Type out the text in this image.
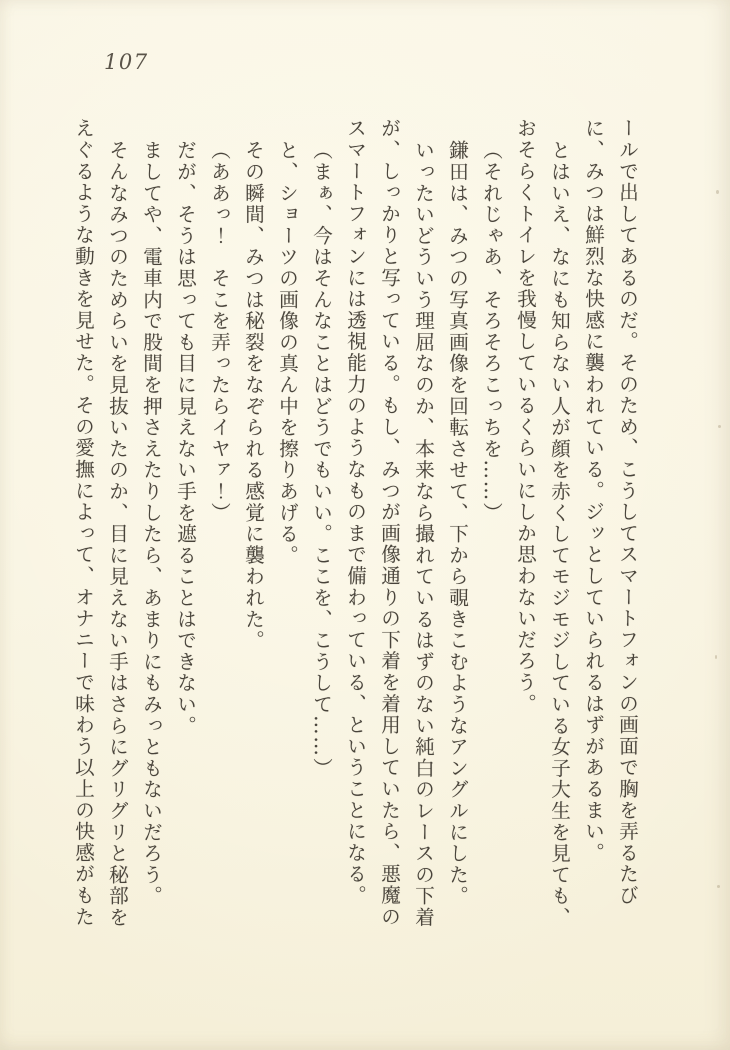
107

ールで出してあるのだ。そのため、こうしてスマートフォンの画面で胸を弄るたびに、みつは鮮烈な快感に襲われている。ジッとしていられるはずがあるまい。

とはいえ、なにも知らない人が顔を赤くしてモジモジしている女子大生を見ても、おそらくトイレを我慢しているくらいにしか思わないだろう。

（それじゃあ、そろそろこっちを……）

鎌田は、みつの写真画像を回転させて、下から覗きこむようなアングルにした。

いったいどういう理屈なのか、本来なら撮れているはずのない純白のレースの下着が、しっかりと写っている。もし、みつが画像通りの下着を着用していたら、悪魔のスマートフォンには透視能力のようなものまで備わっている、ということになる。

（まぁ、今はそんなことはどうでもいい。ここを、こうして……）

と、ショーツの画像の真ん中を擦りあげる。

その瞬間、みつは秘裂をなぞられる感覚に襲われた。

（ああっ！　そこを弄ったらイヤァ！）

だが、そうは思っても目に見えない手を遮ることはできない。

ましてや、電車内で股間を押さえたりしたら、あまりにもみっともないだろう。

そんなみつのためらいを見抜いたのか、目に見えない手はさらにグリグリと秘部をえぐるような動きを見せた。その愛撫によって、オナニーで味わう以上の快感がもた
